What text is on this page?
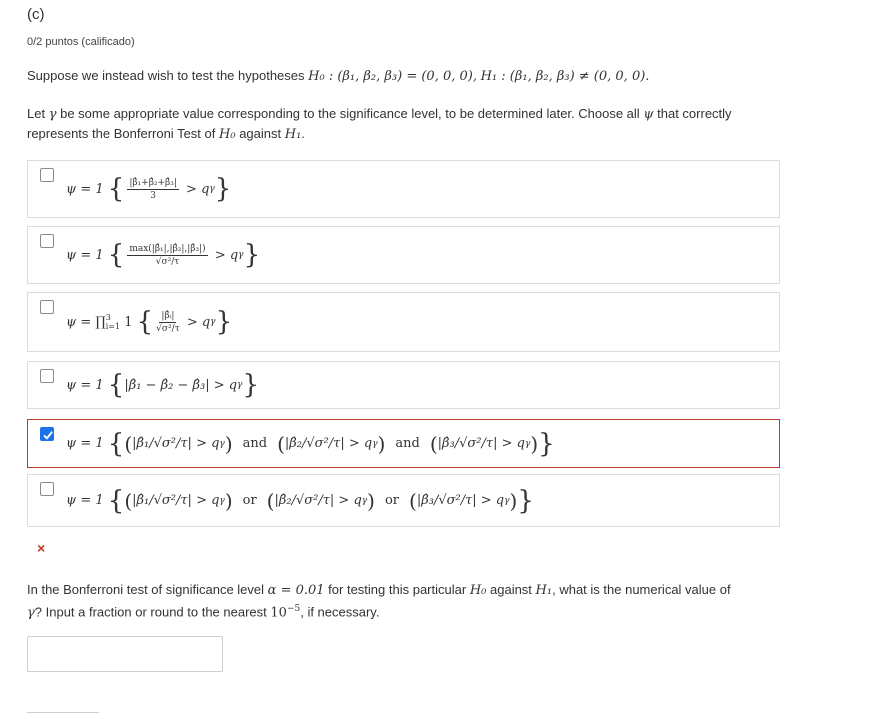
(c)
0/2 puntos (calificado)
Suppose we instead wish to test the hypotheses H₀ : (β₁, β₂, β₃) = (0, 0, 0), H₁ : (β₁, β₂, β₃) ≠ (0, 0, 0).
Let γ be some appropriate value corresponding to the significance level, to be determined later. Choose all ψ that correctly
represents the Bonferroni Test of H₀ against H₁.
ψ = 1
{ $\frac{\text{|β̂₁+β̂₂+β̂₃|}}{3}$
> q γ }
ψ = 1
{ $\frac{\text{max(|β̂₁|,|β̂₂|,|β̂₃|)}}{\text{√σ²/τ}}$
> q γ }
ψ = ∏ 3
i=1
1
{ $\frac{\text{|β̂ᵢ|}}{\text{√σ²/τ}}$
> q γ }
ψ = 1
{ |β̂₁ − β̂₂ − β̂₃| > q γ }
ψ = 1
{ ( |β̂₁/√σ²/τ| > q γ ) and ( |β̂₂/√σ²/τ| > q γ ) and ( |β̂₃/√σ²/τ| > q γ ) }
ψ = 1
{ ( |β̂₁/√σ²/τ| > q γ ) or ( |β̂₂/√σ²/τ| > q γ ) or ( |β̂₃/√σ²/τ| > q γ ) }
×
In the Bonferroni test of significance level α = 0.01 for testing this particular H₀ against H₁, what is the numerical value of
γ? Input a fraction or round to the nearest $10^{-5}$, if necessary.
